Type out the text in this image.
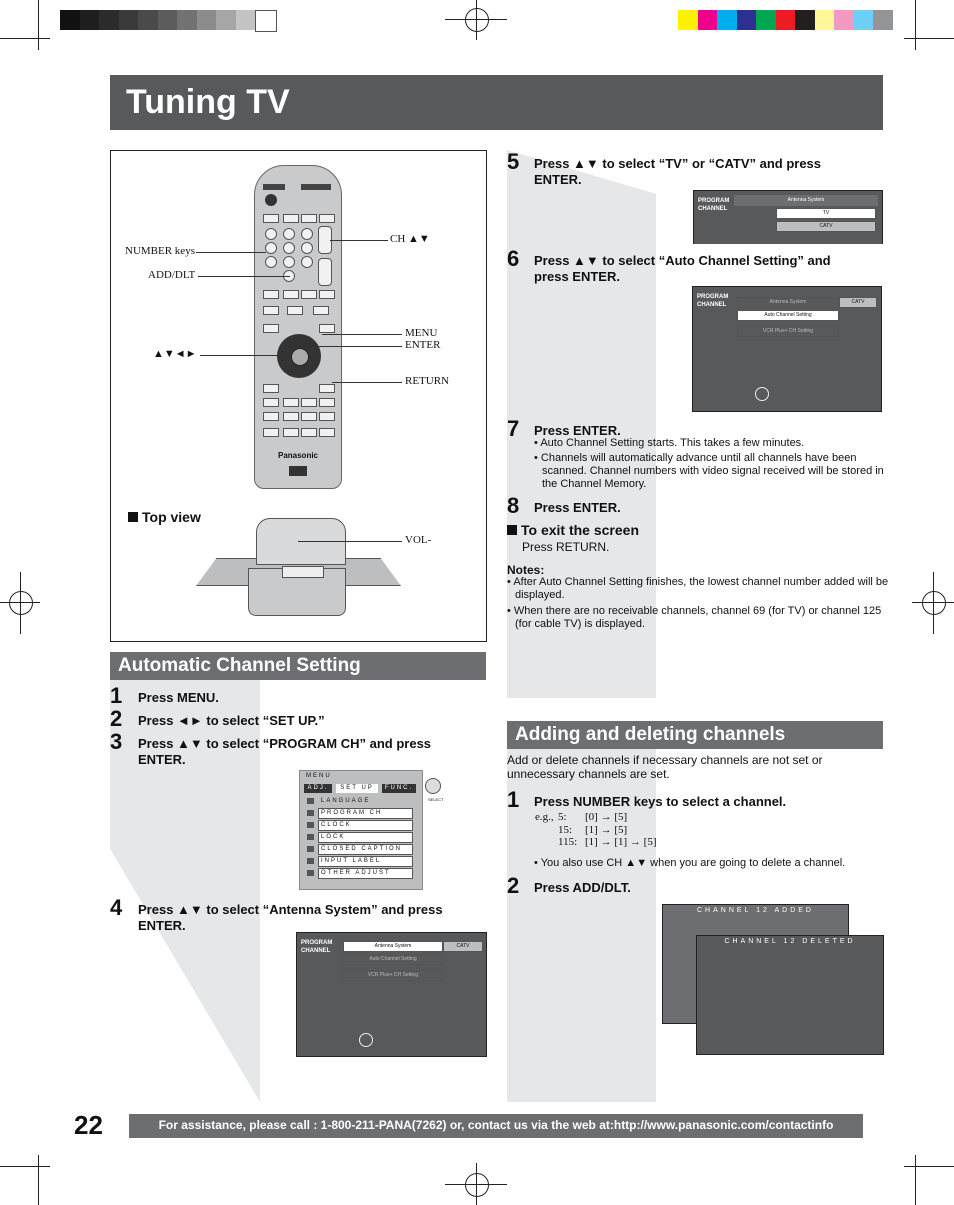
Tuning TV
Panasonic
NUMBER keys
ADD/DLT
▲▼◄►
CH ▲▼
MENU
ENTER
RETURN
Top view
VOL-
Automatic Channel Setting
1 Press MENU.
2 Press ◄► to select “SET UP.”
3 Press ▲▼ to select “PROGRAM CH” and press ENTER.
MENU
ADJ.	SET UP	FUNC.
LANGUAGE
PROGRAM CH
CLOCK
LOCK
CLOSED CAPTION
INPUT LABEL
OTHER ADJUST
SELECT
4 Press ▲▼ to select “Antenna System” and press ENTER.
PROGRAM CHANNEL
Antenna System	CATV
Auto Channel Setting
VCR Plus+ CH Setting
5 Press ▲▼ to select “TV” or “CATV” and press ENTER.
PROGRAM CHANNEL
Antenna System
TV
CATV
6 Press ▲▼ to select “Auto Channel Setting” and press ENTER.
PROGRAM CHANNEL	Antenna System	CATV
Auto Channel Setting
VCR Plus+ CH Setting
7 Press ENTER.
• Auto Channel Setting starts. This takes a few minutes.
• Channels will automatically advance until all channels have been scanned. Channel numbers with video signal received will be stored in the Channel Memory.
8 Press ENTER.
To exit the screen
Press RETURN.
Notes:
• After Auto Channel Setting finishes, the lowest channel number added will be displayed.
• When there are no receivable channels, channel 69 (for TV) or channel 125 (for cable TV) is displayed.
Adding and deleting channels
Add or delete channels if necessary channels are not set or unnecessary channels are set.
1 Press NUMBER keys to select a channel.
e.g., 5: [0] → [5]
15: [1] → [5]
115: [1] → [1] → [5]
• You also use CH ▲▼ when you are going to delete a channel.
2 Press ADD/DLT.
CHANNEL 12 ADDED
CHANNEL 12 DELETED
22	For assistance, please call : 1-800-211-PANA(7262) or, contact us via the web at:http://www.panasonic.com/contactinfo
